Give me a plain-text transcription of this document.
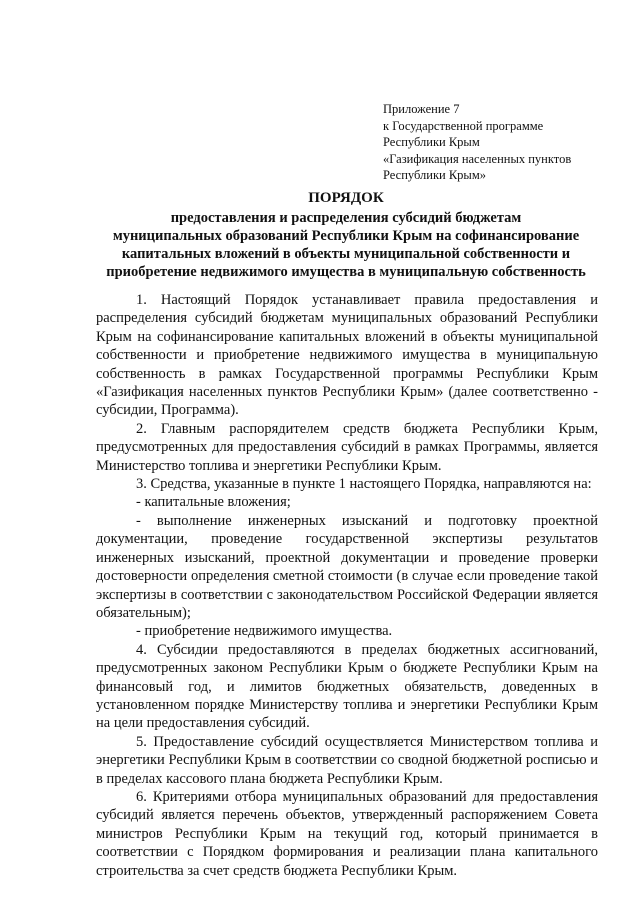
Приложение 7
к Государственной программе
Республики Крым
«Газификация населенных пунктов
Республики Крым»
ПОРЯДОК
предоставления и распределения субсидий бюджетам
муниципальных образований Республики Крым на софинансирование
капитальных вложений в объекты муниципальной собственности и
приобретение недвижимого имущества в муниципальную собственность

1. Настоящий Порядок устанавливает правила предоставления и распределения субсидий бюджетам муниципальных образований Республики Крым на софинансирование капитальных вложений в объекты муниципальной собственности и приобретение недвижимого имущества в муниципальную собственность в рамках Государственной программы Республики Крым «Газификация населенных пунктов Республики Крым» (далее соответственно - субсидии, Программа).

2. Главным распорядителем средств бюджета Республики Крым, предусмотренных для предоставления субсидий в рамках Программы, является Министерство топлива и энергетики Республики Крым.

3. Средства, указанные в пункте 1 настоящего Порядка, направляются на:

- капитальные вложения;

- выполнение инженерных изысканий и подготовку проектной документации, проведение государственной экспертизы результатов инженерных изысканий, проектной документации и проведение проверки достоверности определения сметной стоимости (в случае если проведение такой экспертизы в соответствии с законодательством Российской Федерации является обязательным);

- приобретение недвижимого имущества.

4. Субсидии предоставляются в пределах бюджетных ассигнований, предусмотренных законом Республики Крым о бюджете Республики Крым на финансовый год, и лимитов бюджетных обязательств, доведенных в установленном порядке Министерству топлива и энергетики Республики Крым на цели предоставления субсидий.

5. Предоставление субсидий осуществляется Министерством топлива и энергетики Республики Крым в соответствии со сводной бюджетной росписью и в пределах кассового плана бюджета Республики Крым.

6. Критериями отбора муниципальных образований для предоставления субсидий является перечень объектов, утвержденный распоряжением Совета министров Республики Крым на текущий год, который принимается в соответствии с Порядком формирования и реализации плана капитального строительства за счет средств бюджета Республики Крым.
